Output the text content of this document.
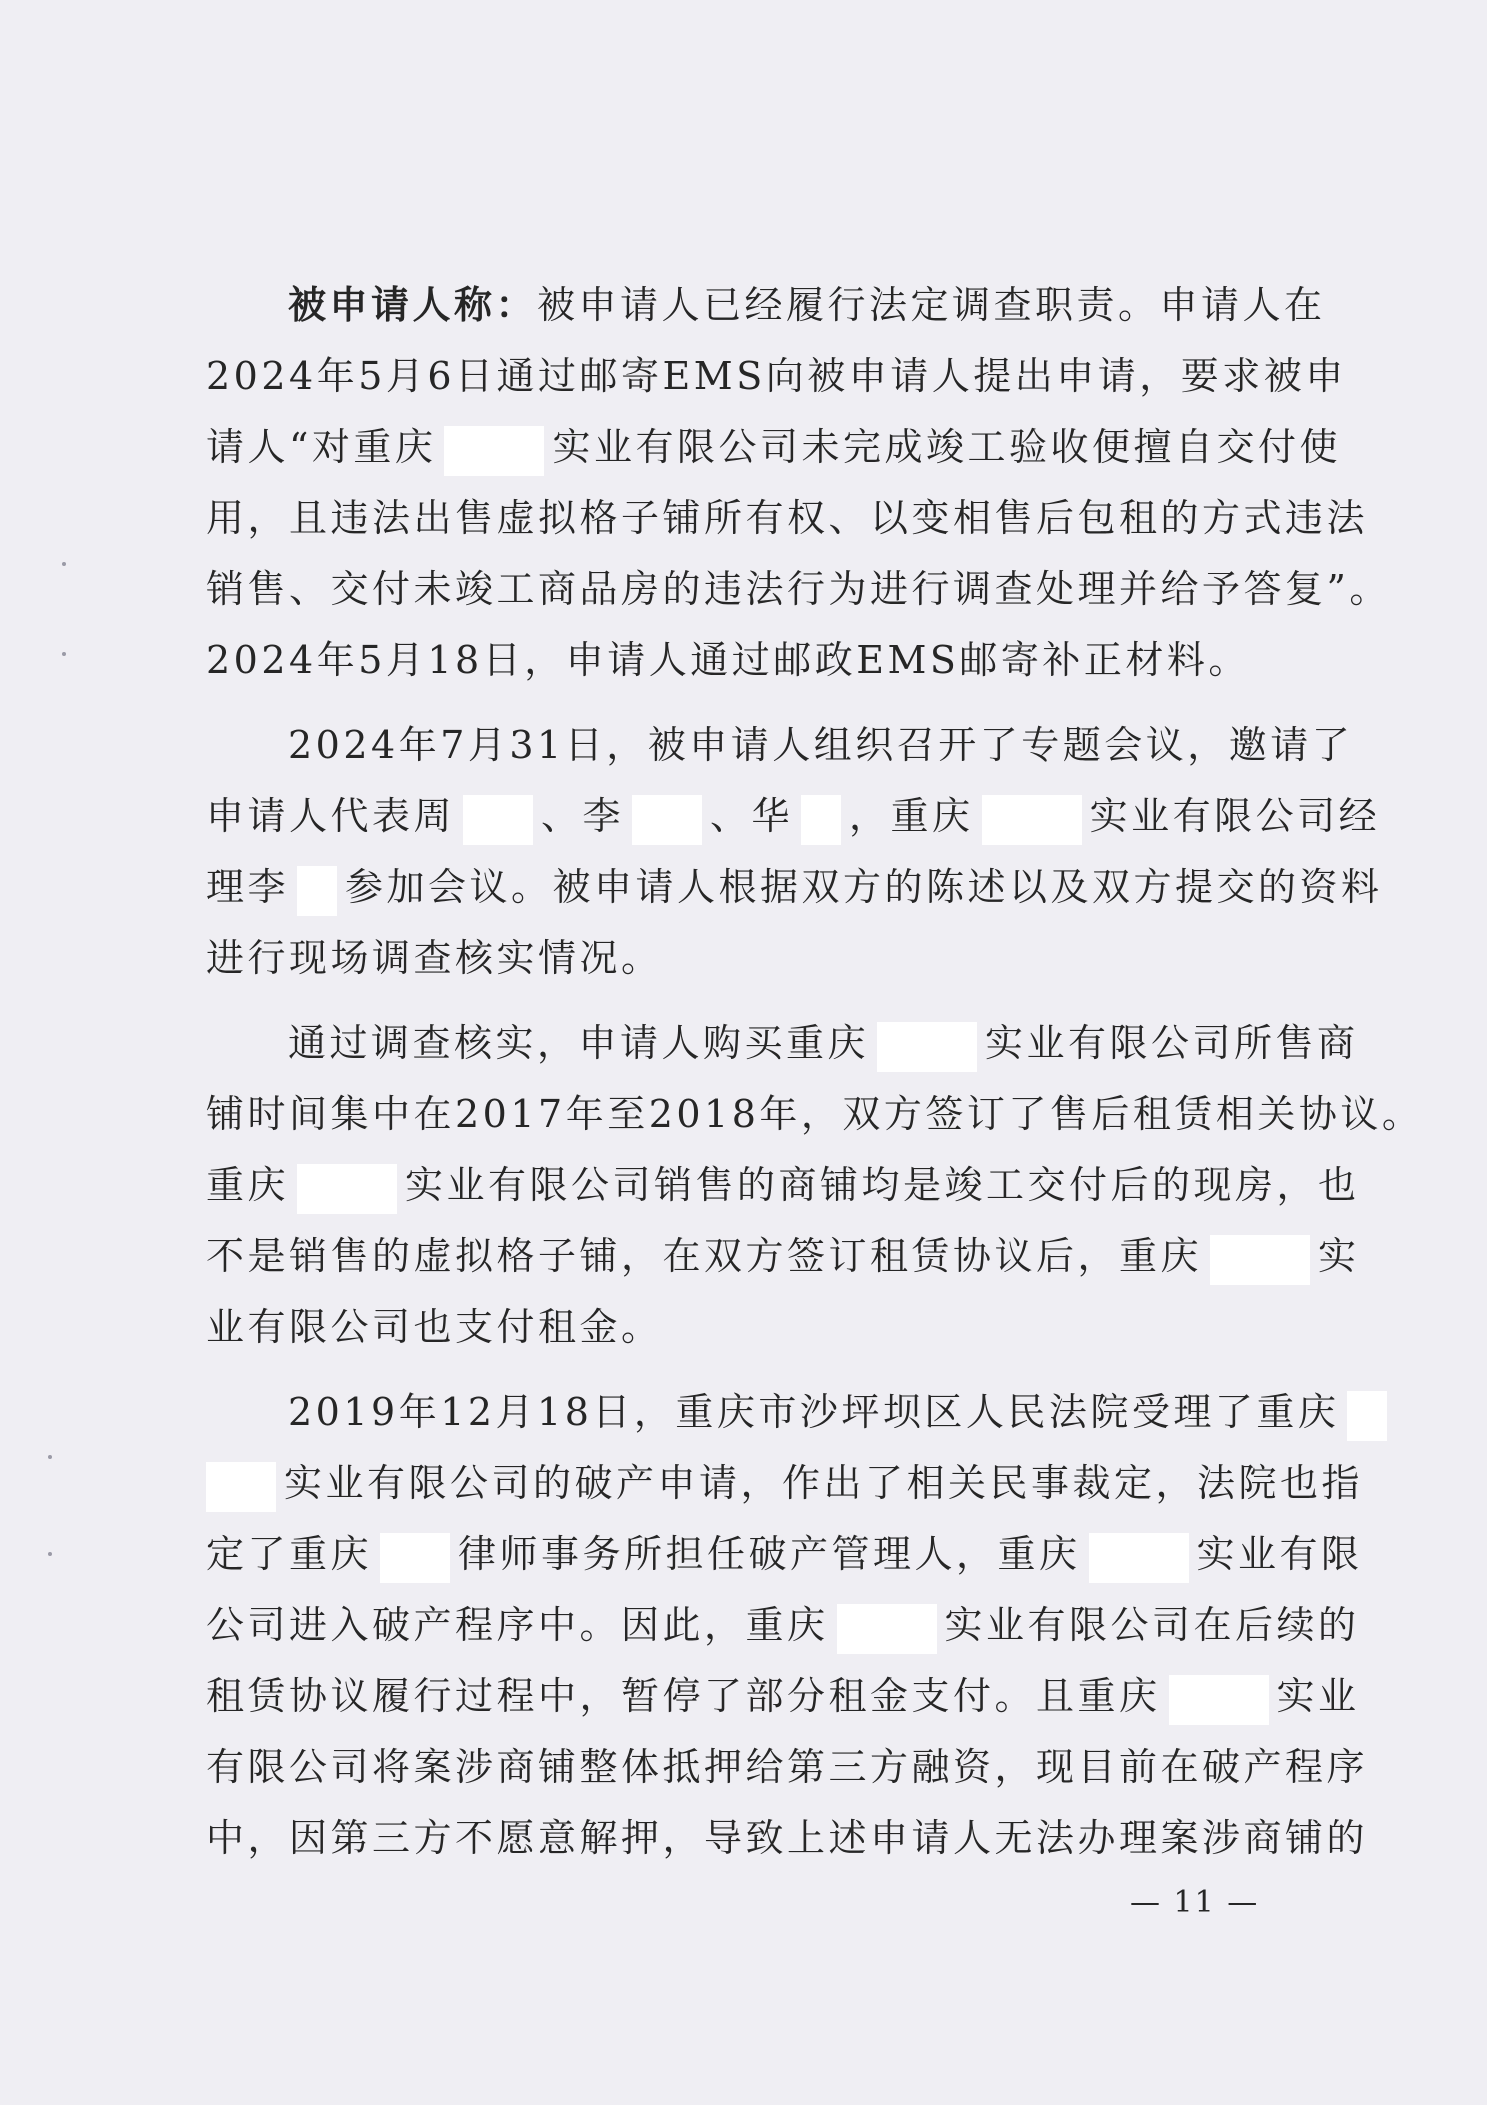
被申请人称：被申请人已经履行法定调查职责。申请人在
2024年5月6日通过邮寄EMS向被申请人提出申请，要求被申
请人“对重庆	实业有限公司未完成竣工验收便擅自交付使
用，且违法出售虚拟格子铺所有权、以变相售后包租的方式违法
销售、交付未竣工商品房的违法行为进行调查处理并给予答复”。
2024年5月18日，申请人通过邮政EMS邮寄补正材料。
2024年7月31日，被申请人组织召开了专题会议，邀请了
申请人代表周 、李 、华 ，重庆	实业有限公司经
理李 参加会议。被申请人根据双方的陈述以及双方提交的资料
进行现场调查核实情况。
通过调查核实，申请人购买重庆	实业有限公司所售商
铺时间集中在2017年至2018年，双方签订了售后租赁相关协议。
重庆	实业有限公司销售的商铺均是竣工交付后的现房，也
不是销售的虚拟格子铺，在双方签订租赁协议后，重庆	实
业有限公司也支付租金。
2019年12月18日，重庆市沙坪坝区人民法院受理了重庆
实业有限公司的破产申请，作出了相关民事裁定，法院也指
定了重庆 律师事务所担任破产管理人，重庆	实业有限
公司进入破产程序中。因此，重庆	实业有限公司在后续的
租赁协议履行过程中，暂停了部分租金支付。且重庆	实业
有限公司将案涉商铺整体抵押给第三方融资，现目前在破产程序
中，因第三方不愿意解押，导致上述申请人无法办理案涉商铺的
— 11 —
